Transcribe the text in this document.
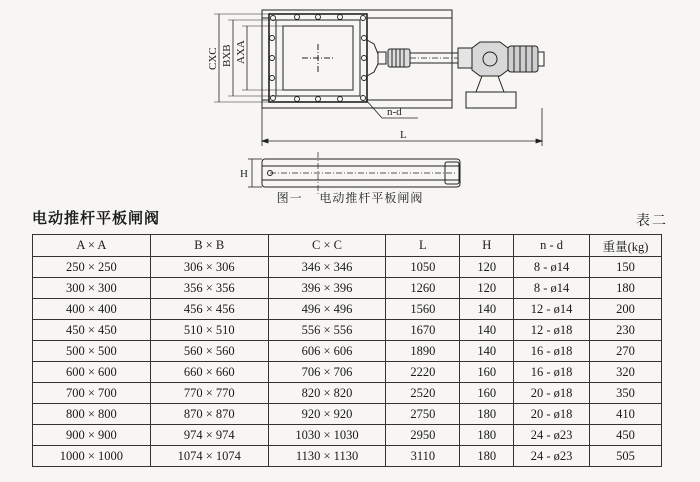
n-d
CXC BXB AXA
L
H
图一 电动推杆平板闸阀
电动推杆平板闸阀	表二
A × A	B × B	C × C	L	H	n - d	重量(kg)
250 × 250	306 × 306	346 × 346	1050	120	8 - ø14	150
300 × 300	356 × 356	396 × 396	1260	120	8 - ø14	180
400 × 400	456 × 456	496 × 496	1560	140	12 - ø14	200
450 × 450	510 × 510	556 × 556	1670	140	12 - ø18	230
500 × 500	560 × 560	606 × 606	1890	140	16 - ø18	270
600 × 600	660 × 660	706 × 706	2220	160	16 - ø18	320
700 × 700	770 × 770	820 × 820	2520	160	20 - ø18	350
800 × 800	870 × 870	920 × 920	2750	180	20 - ø18	410
900 × 900	974 × 974	1030 × 1030	2950	180	24 - ø23	450
1000 × 1000	1074 × 1074	1130 × 1130	3110	180	24 - ø23	505
